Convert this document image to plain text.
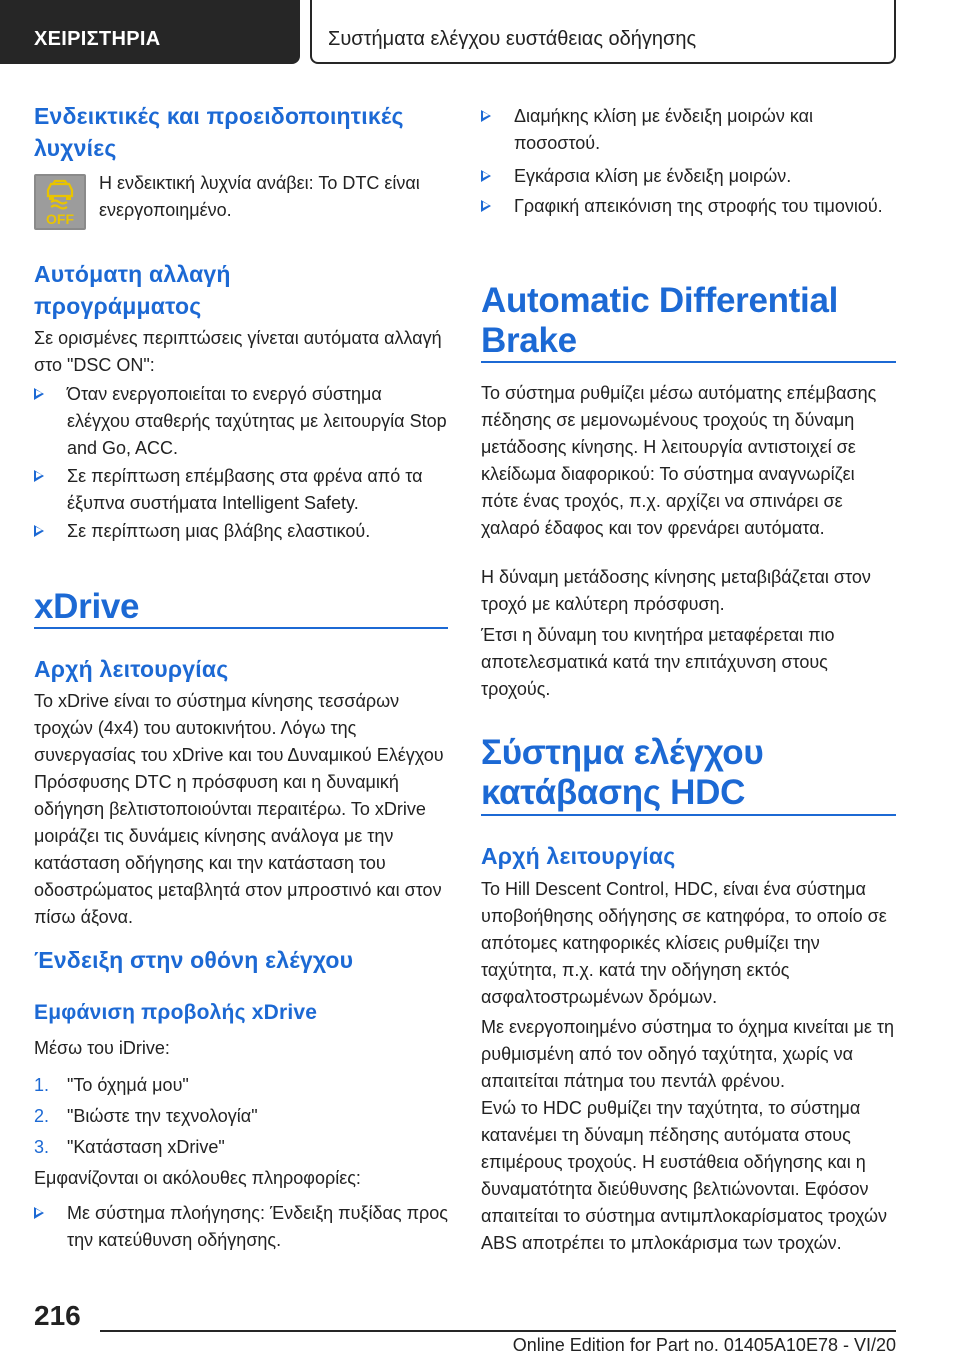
ΧΕΙΡΙΣΤΗΡΙΑ	Συστήματα ελέγχου ευστάθειας οδήγησης
Ενδεικτικές και προειδοποιητικές λυχνίες
OFF

Η ενδεικτική λυχνία ανάβει: Το DTC είναι ενεργοποιημένο.

Αυτόματη αλλαγή προγράμματος

Σε ορισμένες περιπτώσεις γίνεται αυτόματα αλλαγή στο "DSC ON":

Όταν ενεργοποιείται το ενεργό σύστημα ελέγχου σταθερής ταχύτητας με λειτουργία Stop and Go, ACC.
Σε περίπτωση επέμβασης στα φρένα από τα έξυπνα συστήματα Intelligent Safety.
Σε περίπτωση μιας βλάβης ελαστικού.
xDrive
Αρχή λειτουργίας

Το xDrive είναι το σύστημα κίνησης τεσσάρων τροχών (4x4) του αυτοκινήτου. Λόγω της συνεργασίας του xDrive και του Δυναμικού Ελέγχου Πρόσφυσης DTC η πρόσφυση και η δυναμική οδήγηση βελτιστοποιούνται περαιτέρω. Το xDrive μοιράζει τις δυνάμεις κίνησης ανάλογα με την κατάσταση οδήγησης και την κατάσταση του οδοστρώματος μεταβλητά στον μπροστινό και στον πίσω άξονα.

Ένδειξη στην οθόνη ελέγχου
Εμφάνιση προβολής xDrive

Μέσω του iDrive:

1. "Το όχημά μου"
2. "Βιώστε την τεχνολογία"
3. "Κατάσταση xDrive"

Εμφανίζονται οι ακόλουθες πληροφορίες:

Με σύστημα πλοήγησης: Ένδειξη πυξίδας προς την κατεύθυνση οδήγησης.
Διαμήκης κλίση με ένδειξη μοιρών και ποσοστού.
Εγκάρσια κλίση με ένδειξη μοιρών.
Γραφική απεικόνιση της στροφής του τιμονιού.
Automatic Differential Brake

Το σύστημα ρυθμίζει μέσω αυτόματης επέμβασης πέδησης σε μεμονωμένους τροχούς τη δύναμη μετάδοσης κίνησης. Η λειτουργία αντιστοιχεί σε κλείδωμα διαφορικού: Το σύστημα αναγνωρίζει πότε ένας τροχός, π.χ. αρχίζει να σπινάρει σε χαλαρό έδαφος και τον φρενάρει αυτόματα.

Η δύναμη μετάδοσης κίνησης μεταβιβάζεται στον τροχό με καλύτερη πρόσφυση.

Έτσι η δύναμη του κινητήρα μεταφέρεται πιο αποτελεσματικά κατά την επιτάχυνση στους τροχούς.

Σύστημα ελέγχου κατάβασης HDC
Αρχή λειτουργίας

Το Hill Descent Control, HDC, είναι ένα σύστημα υποβοήθησης οδήγησης σε κατηφόρα, το οποίο σε απότομες κατηφορικές κλίσεις ρυθμίζει την ταχύτητα, π.χ. κατά την οδήγηση εκτός ασφαλτοστρωμένων δρόμων.

Με ενεργοποιημένο σύστημα το όχημα κινείται με τη ρυθμισμένη από τον οδηγό ταχύτητα, χωρίς να απαιτείται πάτημα του πεντάλ φρένου.

Ενώ το HDC ρυθμίζει την ταχύτητα, το σύστημα κατανέμει τη δύναμη πέδησης αυτόματα στους επιμέρους τροχούς. Η ευστάθεια οδήγησης και η δυναματότητα διεύθυνσης βελτιώνονται. Εφόσον απαιτείται το σύστημα αντιμπλοκαρίσματος τροχών ABS αποτρέπει το μπλοκάρισμα των τροχών.

216
Online Edition for Part no. 01405A10E78 - VI/20
